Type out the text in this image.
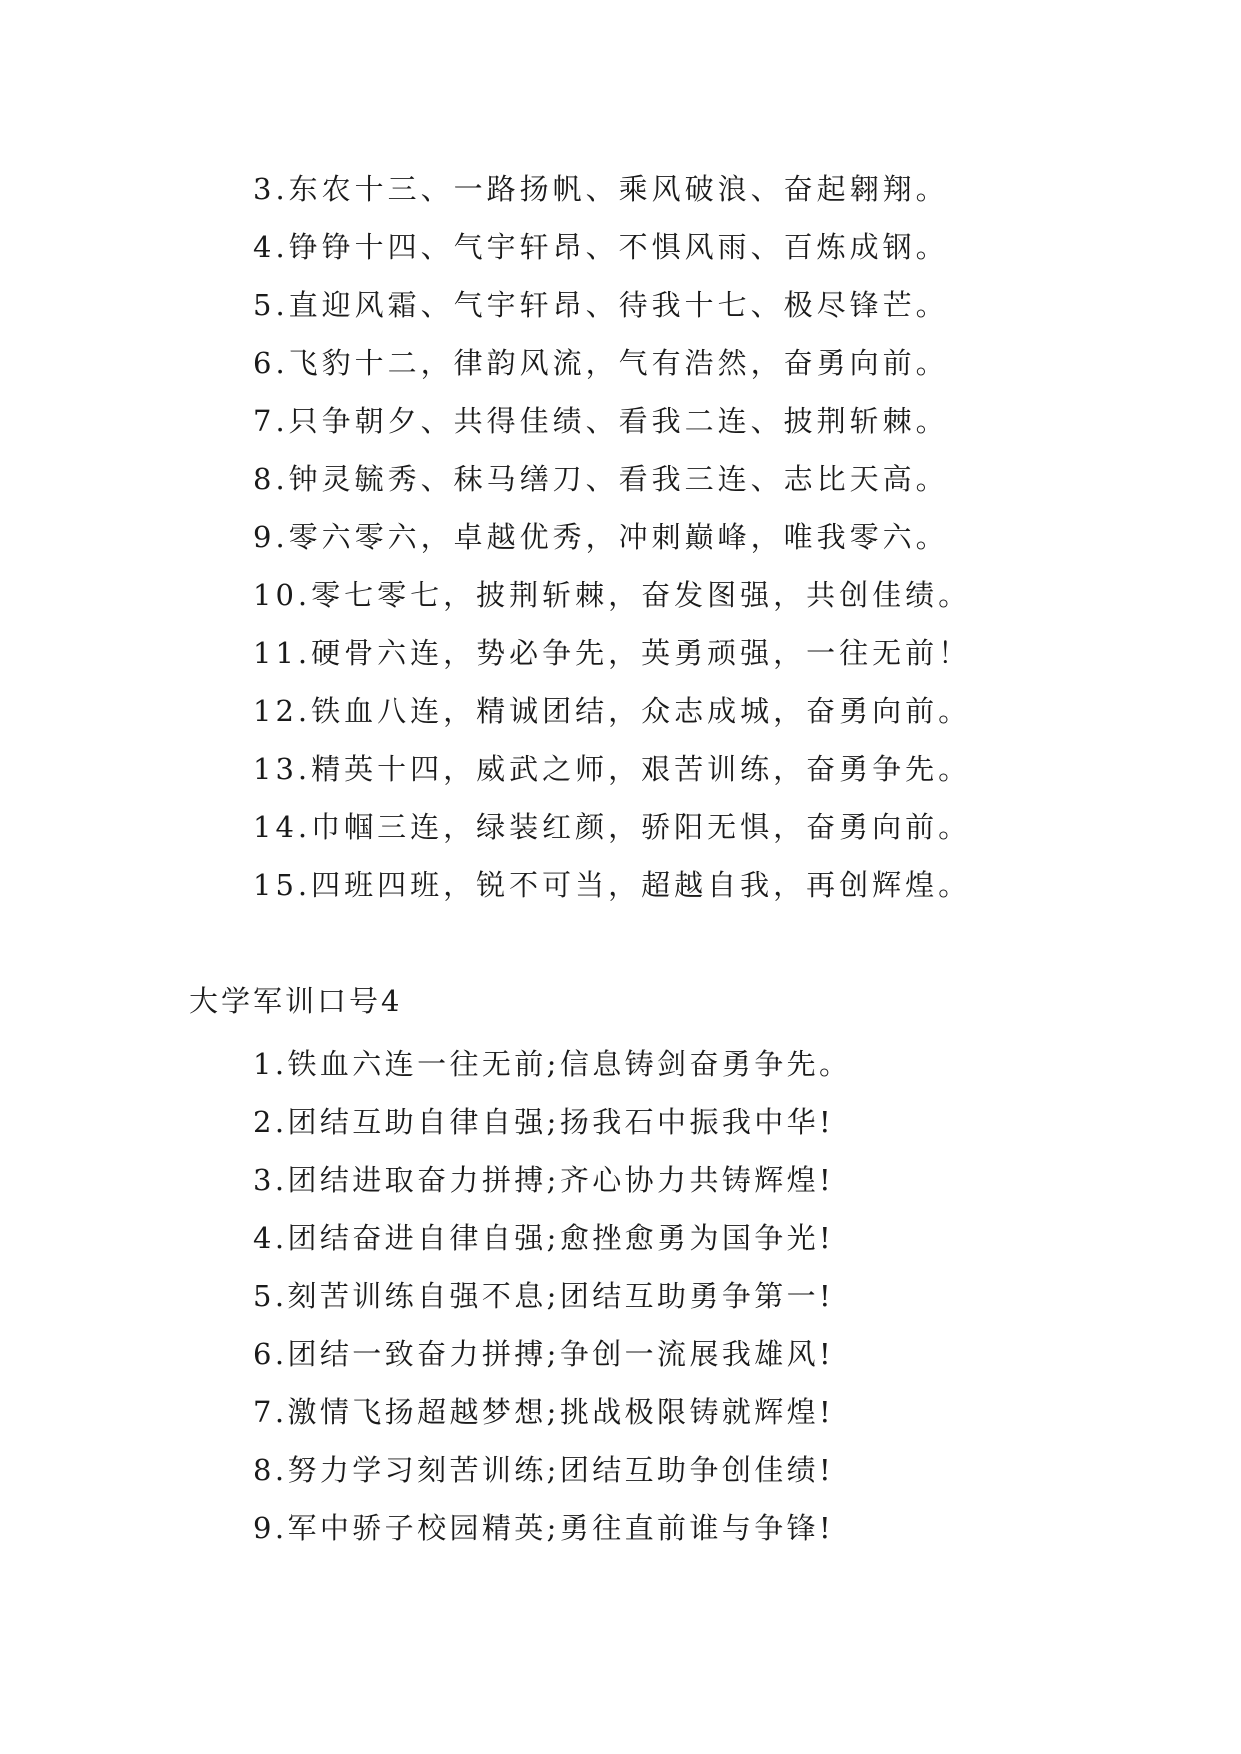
3.东农十三、一路扬帆、乘风破浪、奋起翱翔。
4.铮铮十四、气宇轩昂、不惧风雨、百炼成钢。
5.直迎风霜、气宇轩昂、待我十七、极尽锋芒。
6.飞豹十二，律韵风流，气有浩然，奋勇向前。
7.只争朝夕、共得佳绩、看我二连、披荆斩棘。
8.钟灵毓秀、秣马缮刀、看我三连、志比天高。
9.零六零六，卓越优秀，冲刺巅峰，唯我零六。
10.零七零七，披荆斩棘，奋发图强，共创佳绩。
11.硬骨六连，势必争先，英勇顽强，一往无前！
12.铁血八连，精诚团结，众志成城，奋勇向前。
13.精英十四，威武之师，艰苦训练，奋勇争先。
14.巾帼三连，绿装红颜，骄阳无惧，奋勇向前。
15.四班四班，锐不可当，超越自我，再创辉煌。
大学军训口号4
1.铁血六连一往无前;信息铸剑奋勇争先。
2.团结互助自律自强;扬我石中振我中华!
3.团结进取奋力拼搏;齐心协力共铸辉煌!
4.团结奋进自律自强;愈挫愈勇为国争光!
5.刻苦训练自强不息;团结互助勇争第一!
6.团结一致奋力拼搏;争创一流展我雄风!
7.激情飞扬超越梦想;挑战极限铸就辉煌!
8.努力学习刻苦训练;团结互助争创佳绩!
9.军中骄子校园精英;勇往直前谁与争锋!
